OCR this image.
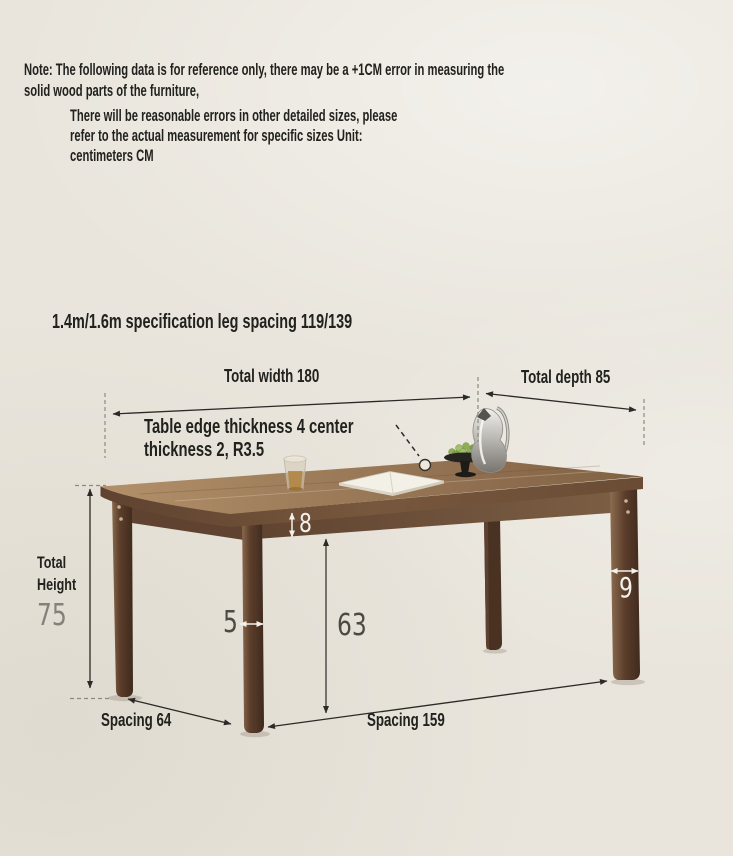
Note: The following data is for reference only, there may be a +1CM error in measuring the
solid wood parts of the furniture,
There will be reasonable errors in other detailed sizes, please
refer to the actual measurement for specific sizes Unit:
centimeters CM
1.4m/1.6m specification leg spacing 119/139
Total width 180	Total depth 85
Table edge thickness 4 center
thickness 2, R3.5
Total
Height
75
8
5	63
9
Spacing 64	Spacing 159
